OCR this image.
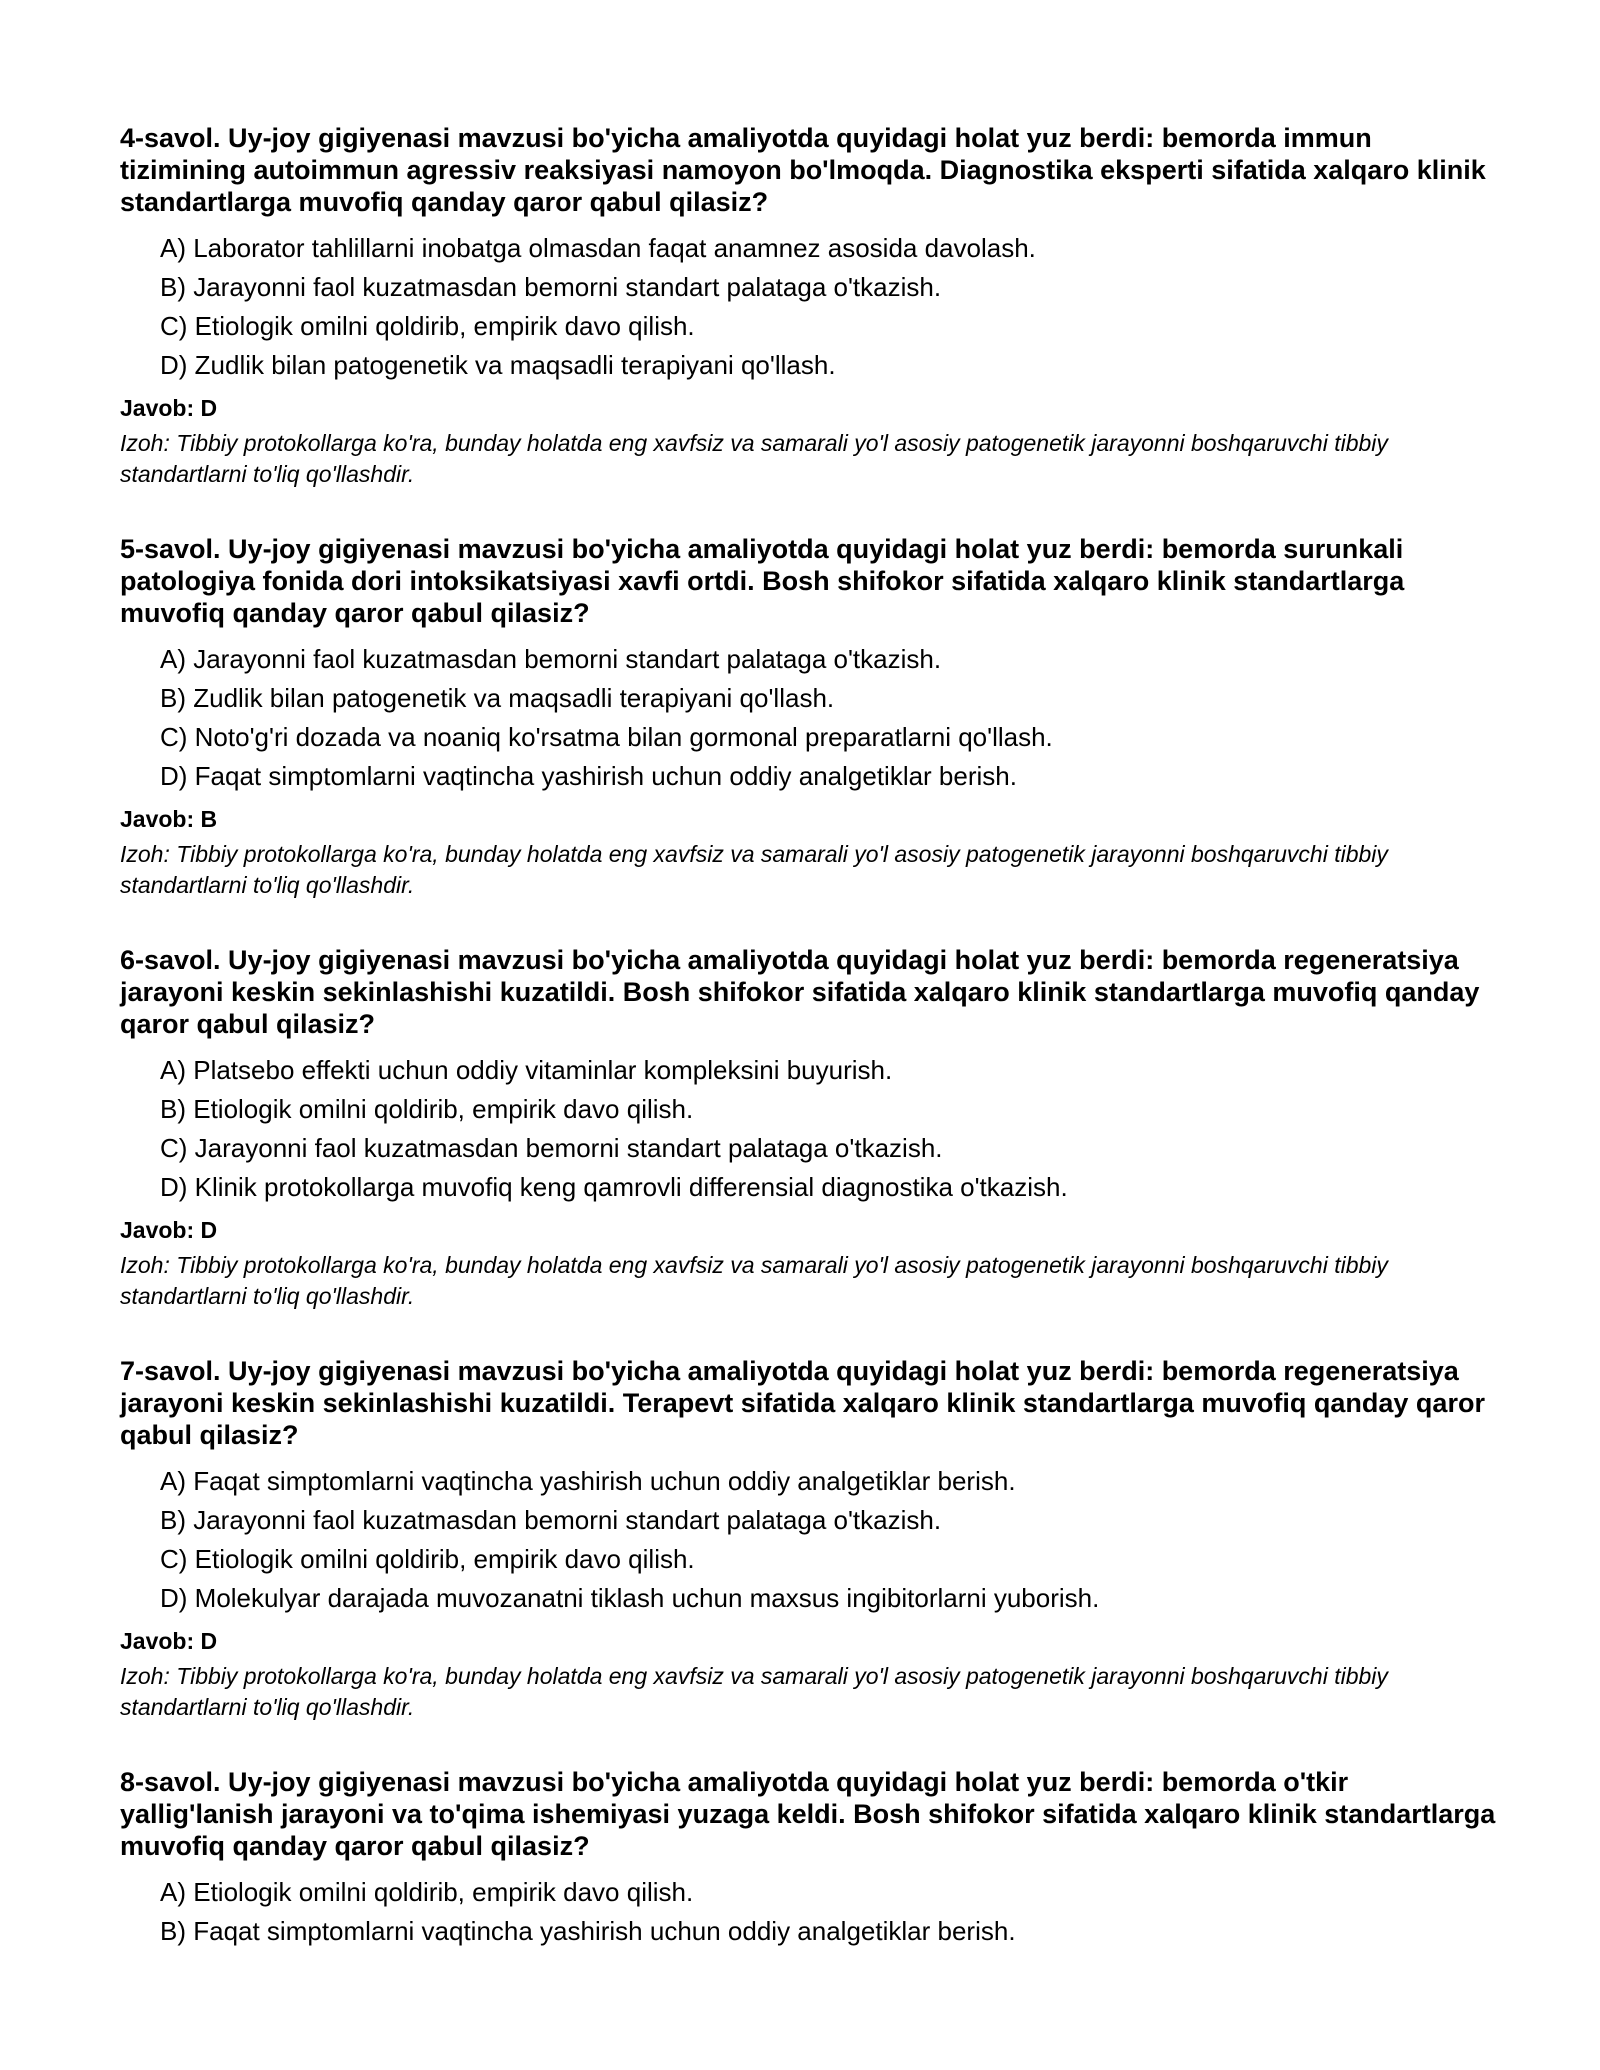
4-savol. Uy-joy gigiyenasi mavzusi bo'yicha amaliyotda quyidagi holat yuz berdi: bemorda immun tizimining autoimmun agressiv reaksiyasi namoyon bo'lmoqda. Diagnostika eksperti sifatida xalqaro klinik standartlarga muvofiq qanday qaror qabul qilasiz?

A) Laborator tahlillarni inobatga olmasdan faqat anamnez asosida davolash.
B) Jarayonni faol kuzatmasdan bemorni standart palataga o'tkazish.
C) Etiologik omilni qoldirib, empirik davo qilish.
D) Zudlik bilan patogenetik va maqsadli terapiyani qo'llash.

Javob: D

Izoh: Tibbiy protokollarga ko'ra, bunday holatda eng xavfsiz va samarali yo'l asosiy patogenetik jarayonni boshqaruvchi tibbiy standartlarni to'liq qo'llashdir.

5-savol. Uy-joy gigiyenasi mavzusi bo'yicha amaliyotda quyidagi holat yuz berdi: bemorda surunkali patologiya fonida dori intoksikatsiyasi xavfi ortdi. Bosh shifokor sifatida xalqaro klinik standartlarga muvofiq qanday qaror qabul qilasiz?

A) Jarayonni faol kuzatmasdan bemorni standart palataga o'tkazish.
B) Zudlik bilan patogenetik va maqsadli terapiyani qo'llash.
C) Noto'g'ri dozada va noaniq ko'rsatma bilan gormonal preparatlarni qo'llash.
D) Faqat simptomlarni vaqtincha yashirish uchun oddiy analgetiklar berish.

Javob: B

Izoh: Tibbiy protokollarga ko'ra, bunday holatda eng xavfsiz va samarali yo'l asosiy patogenetik jarayonni boshqaruvchi tibbiy standartlarni to'liq qo'llashdir.

6-savol. Uy-joy gigiyenasi mavzusi bo'yicha amaliyotda quyidagi holat yuz berdi: bemorda regeneratsiya jarayoni keskin sekinlashishi kuzatildi. Bosh shifokor sifatida xalqaro klinik standartlarga muvofiq qanday qaror qabul qilasiz?

A) Platsebo effekti uchun oddiy vitaminlar kompleksini buyurish.
B) Etiologik omilni qoldirib, empirik davo qilish.
C) Jarayonni faol kuzatmasdan bemorni standart palataga o'tkazish.
D) Klinik protokollarga muvofiq keng qamrovli differensial diagnostika o'tkazish.

Javob: D

Izoh: Tibbiy protokollarga ko'ra, bunday holatda eng xavfsiz va samarali yo'l asosiy patogenetik jarayonni boshqaruvchi tibbiy standartlarni to'liq qo'llashdir.

7-savol. Uy-joy gigiyenasi mavzusi bo'yicha amaliyotda quyidagi holat yuz berdi: bemorda regeneratsiya jarayoni keskin sekinlashishi kuzatildi. Terapevt sifatida xalqaro klinik standartlarga muvofiq qanday qaror qabul qilasiz?

A) Faqat simptomlarni vaqtincha yashirish uchun oddiy analgetiklar berish.
B) Jarayonni faol kuzatmasdan bemorni standart palataga o'tkazish.
C) Etiologik omilni qoldirib, empirik davo qilish.
D) Molekulyar darajada muvozanatni tiklash uchun maxsus ingibitorlarni yuborish.

Javob: D

Izoh: Tibbiy protokollarga ko'ra, bunday holatda eng xavfsiz va samarali yo'l asosiy patogenetik jarayonni boshqaruvchi tibbiy standartlarni to'liq qo'llashdir.

8-savol. Uy-joy gigiyenasi mavzusi bo'yicha amaliyotda quyidagi holat yuz berdi: bemorda o'tkir yallig'lanish jarayoni va to'qima ishemiyasi yuzaga keldi. Bosh shifokor sifatida xalqaro klinik standartlarga muvofiq qanday qaror qabul qilasiz?

A) Etiologik omilni qoldirib, empirik davo qilish.
B) Faqat simptomlarni vaqtincha yashirish uchun oddiy analgetiklar berish.
